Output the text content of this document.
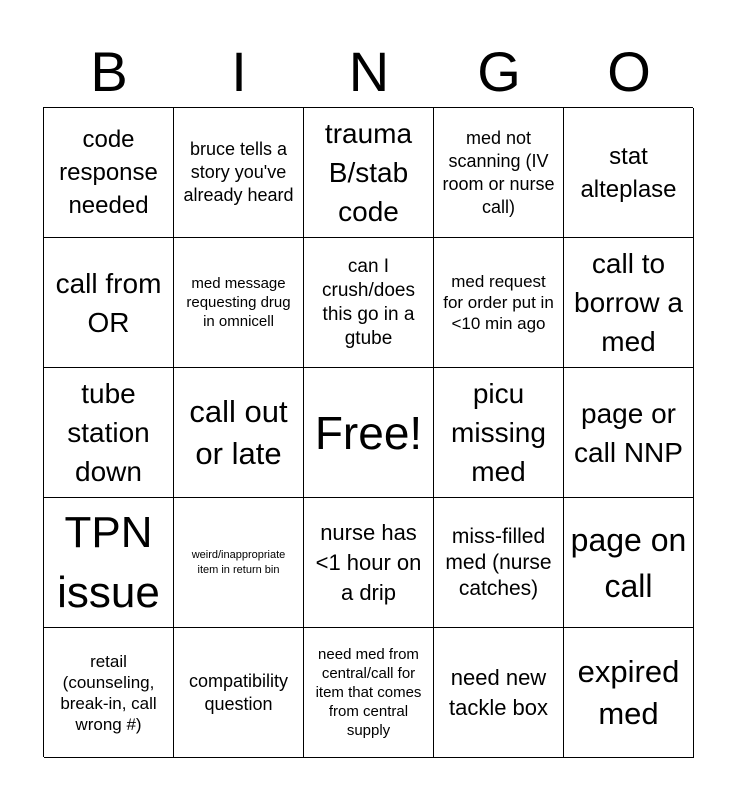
B	I	N	G	O
code response needed
bruce tells a story you've already heard
trauma B/stab code
med not scanning (IV room or nurse call)
stat alteplase
call from OR
med message requesting drug in omnicell
can I crush/does this go in a gtube
med request for order put in <10 min ago
call to borrow a med
tube station down
call out or late Free!
picu missing med
page or call NNP
TPN issue
weird/inappropriate item in return bin
nurse has <1 hour on a drip
miss-filled med (nurse catches)
page on call
retail (counseling, break-in, call wrong #)
compatibility question
need med from central/call for item that comes from central supply
need new tackle box
expired med
